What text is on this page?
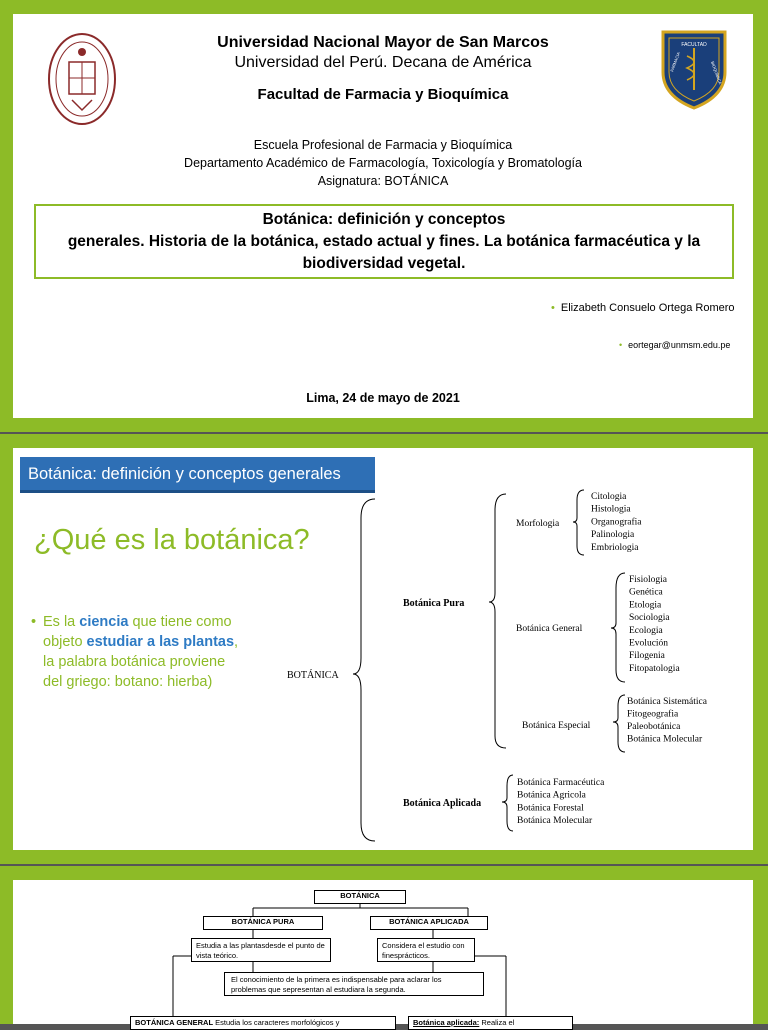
Universidad Nacional Mayor de San Marcos
Universidad del Perú. Decana de América
Facultad de Farmacia y Bioquímica
FACULTAD
FARMACIA	BIOQUÍMICA
Escuela Profesional de Farmacia y Bioquímica
Departamento Académico de Farmacología, Toxicología y Bromatología
Asignatura: BOTÁNICA
Botánica: definición y conceptos
generales. Historia de la botánica, estado actual y fines. La botánica farmacéutica y la
biodiversidad vegetal.
• Elizabeth Consuelo Ortega Romero
• eortegar@unmsm.edu.pe
Lima, 24 de mayo de 2021
Botánica: definición y conceptos generales
¿Qué es la botánica?
• Es la ciencia que tiene como objeto estudiar a las plantas, la palabra botánica proviene del griego: botano: hierba)	BOTÁNICA
Botánica Pura
Morfologia
Citologia
Histologia
Organografia
Palinologia
Embriologia
Botánica General
Fisiologia
Genética
Etologia
Sociologia
Ecologia
Evolución
Filogenia
Fitopatologia
Botánica Especial
Botánica Sistemática
Fitogeografia
Paleobotánica
Botánica Molecular
Botánica Aplicada
Botánica Farmacéutica
Botánica Agricola
Botánica Forestal
Botánica Molecular
BOTÁNICA
BOTÁNICA PURA	BOTÁNICA APLICADA
Estudia a las plantasdesde el punto de vista teórico.
Considera el estudio con finesprácticos.
El conocimiento de la primera es indispensable para aclarar los problemas que sepresentan al estudiara la segunda.
BOTÁNICA GENERAL Estudia los caracteres morfológicos y	Botánica aplicada: Realiza el
